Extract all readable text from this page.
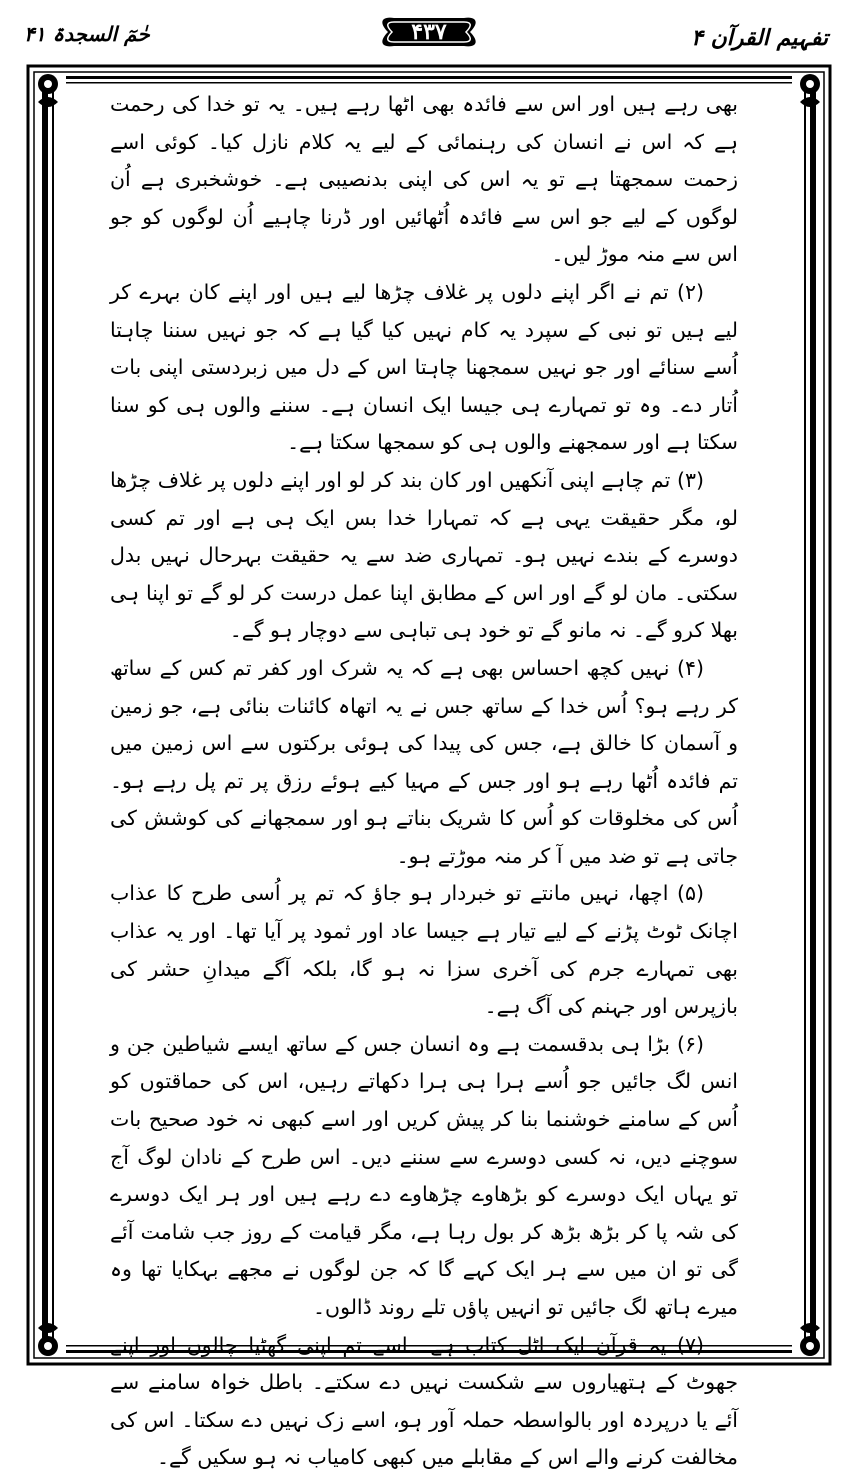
حٰمٓ السجدۃ ۴۱	۴۳۷	تفہیم القرآن ۴

بھی رہے ہیں اور اس سے فائدہ بھی اٹھا رہے ہیں۔ یہ تو خدا کی رحمت ہے کہ اس نے انسان کی رہنمائی کے لیے یہ کلام نازل کیا۔ کوئی اسے زحمت سمجھتا ہے تو یہ اس کی اپنی بدنصیبی ہے۔ خوشخبری ہے اُن لوگوں کے لیے جو اس سے فائدہ اُٹھائیں اور ڈرنا چاہیے اُن لوگوں کو جو اس سے منہ موڑ لیں۔

(۲) تم نے اگر اپنے دلوں پر غلاف چڑھا لیے ہیں اور اپنے کان بہرے کر لیے ہیں تو نبی کے سپرد یہ کام نہیں کیا گیا ہے کہ جو نہیں سننا چاہتا اُسے سنائے اور جو نہیں سمجھنا چاہتا اس کے دل میں زبردستی اپنی بات اُتار دے۔ وہ تو تمہارے ہی جیسا ایک انسان ہے۔ سننے والوں ہی کو سنا سکتا ہے اور سمجھنے والوں ہی کو سمجھا سکتا ہے۔

(۳) تم چاہے اپنی آنکھیں اور کان بند کر لو اور اپنے دلوں پر غلاف چڑھا لو، مگر حقیقت یہی ہے کہ تمہارا خدا بس ایک ہی ہے اور تم کسی دوسرے کے بندے نہیں ہو۔ تمہاری ضد سے یہ حقیقت بہرحال نہیں بدل سکتی۔ مان لو گے اور اس کے مطابق اپنا عمل درست کر لو گے تو اپنا ہی بھلا کرو گے۔ نہ مانو گے تو خود ہی تباہی سے دوچار ہو گے۔

(۴) نہیں کچھ احساس بھی ہے کہ یہ شرک اور کفر تم کس کے ساتھ کر رہے ہو؟ اُس خدا کے ساتھ جس نے یہ اتھاہ کائنات بنائی ہے، جو زمین و آسمان کا خالق ہے، جس کی پیدا کی ہوئی برکتوں سے اس زمین میں تم فائدہ اُٹھا رہے ہو اور جس کے مہیا کیے ہوئے رزق پر تم پل رہے ہو۔ اُس کی مخلوقات کو اُس کا شریک بناتے ہو اور سمجھانے کی کوشش کی جاتی ہے تو ضد میں آ کر منہ موڑتے ہو۔

(۵) اچھا، نہیں مانتے تو خبردار ہو جاؤ کہ تم پر اُسی طرح کا عذاب اچانک ٹوٹ پڑنے کے لیے تیار ہے جیسا عاد اور ثمود پر آیا تھا۔ اور یہ عذاب بھی تمہارے جرم کی آخری سزا نہ ہو گا، بلکہ آگے میدانِ حشر کی بازپرس اور جہنم کی آگ ہے۔

(۶) بڑا ہی بدقسمت ہے وہ انسان جس کے ساتھ ایسے شیاطین جن و انس لگ جائیں جو اُسے ہرا ہی ہرا دکھاتے رہیں، اس کی حماقتوں کو اُس کے سامنے خوشنما بنا کر پیش کریں اور اسے کبھی نہ خود صحیح بات سوچنے دیں، نہ کسی دوسرے سے سننے دیں۔ اس طرح کے نادان لوگ آج تو یہاں ایک دوسرے کو بڑھاوے چڑھاوے دے رہے ہیں اور ہر ایک دوسرے کی شہ پا کر بڑھ بڑھ کر بول رہا ہے، مگر قیامت کے روز جب شامت آئے گی تو ان میں سے ہر ایک کہے گا کہ جن لوگوں نے مجھے بہکایا تھا وہ میرے ہاتھ لگ جائیں تو انہیں پاؤں تلے روند ڈالوں۔

(۷) یہ قرآن ایک اٹل کتاب ہے۔ اسے تم اپنی گھٹیا چالوں اور اپنے جھوٹ کے ہتھیاروں سے شکست نہیں دے سکتے۔ باطل خواہ سامنے سے آئے یا درپردہ اور بالواسطہ حملہ آور ہو، اسے زک نہیں دے سکتا۔ اس کی مخالفت کرنے والے اس کے مقابلے میں کبھی کامیاب نہ ہو سکیں گے۔
